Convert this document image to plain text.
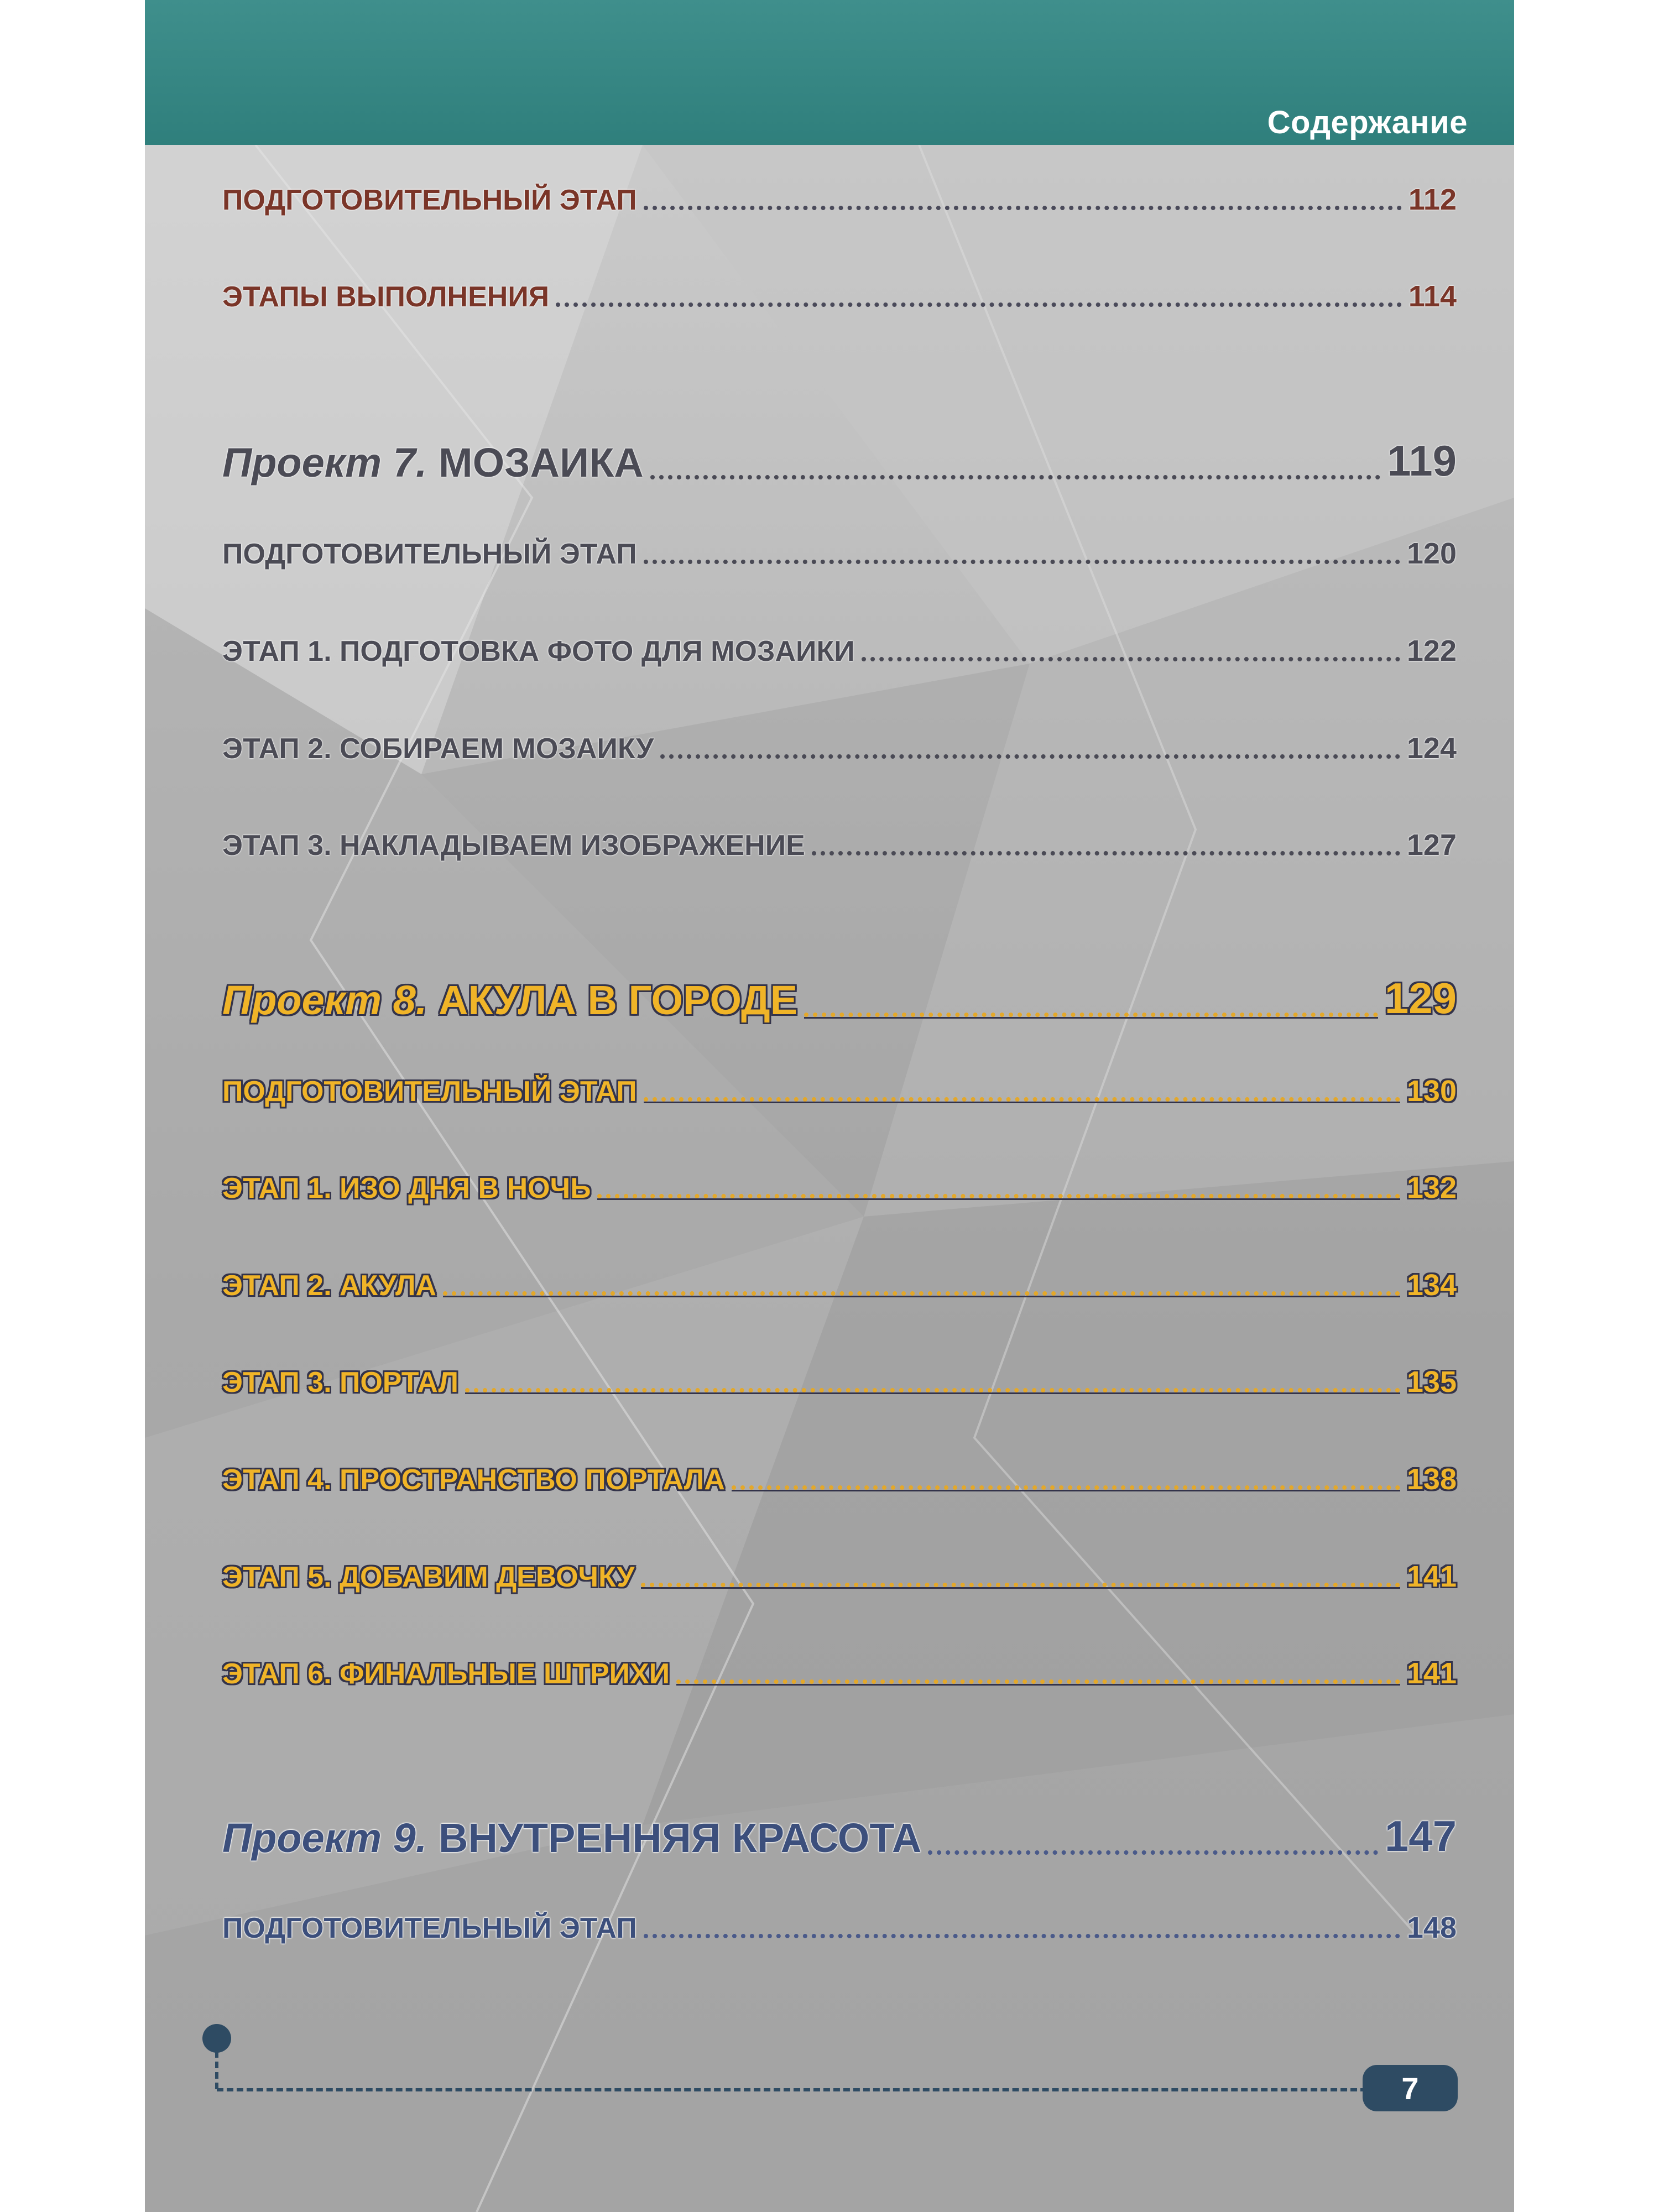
Содержание
ПОДГОТОВИТЕЛЬНЫЙ ЭТАП	112
ЭТАПЫ ВЫПОЛНЕНИЯ	114
Проект 7. МОЗАИКА	119
ПОДГОТОВИТЕЛЬНЫЙ ЭТАП	120
ЭТАП 1. ПОДГОТОВКА ФОТО ДЛЯ МОЗАИКИ	122
ЭТАП 2. СОБИРАЕМ МОЗАИКУ	124
ЭТАП 3. НАКЛАДЫВАЕМ ИЗОБРАЖЕНИЕ	127
Проект 8. АКУЛА В ГОРОДЕ	129
ПОДГОТОВИТЕЛЬНЫЙ ЭТАП	130
ЭТАП 1. ИЗО ДНЯ В НОЧЬ	132
ЭТАП 2. АКУЛА	134
ЭТАП 3. ПОРТАЛ	135
ЭТАП 4. ПРОСТРАНСТВО ПОРТАЛА	138
ЭТАП 5. ДОБАВИМ ДЕВОЧКУ	141
ЭТАП 6. ФИНАЛЬНЫЕ ШТРИХИ	141
Проект 9. ВНУТРЕННЯЯ КРАСОТА	147
ПОДГОТОВИТЕЛЬНЫЙ ЭТАП	148
7
